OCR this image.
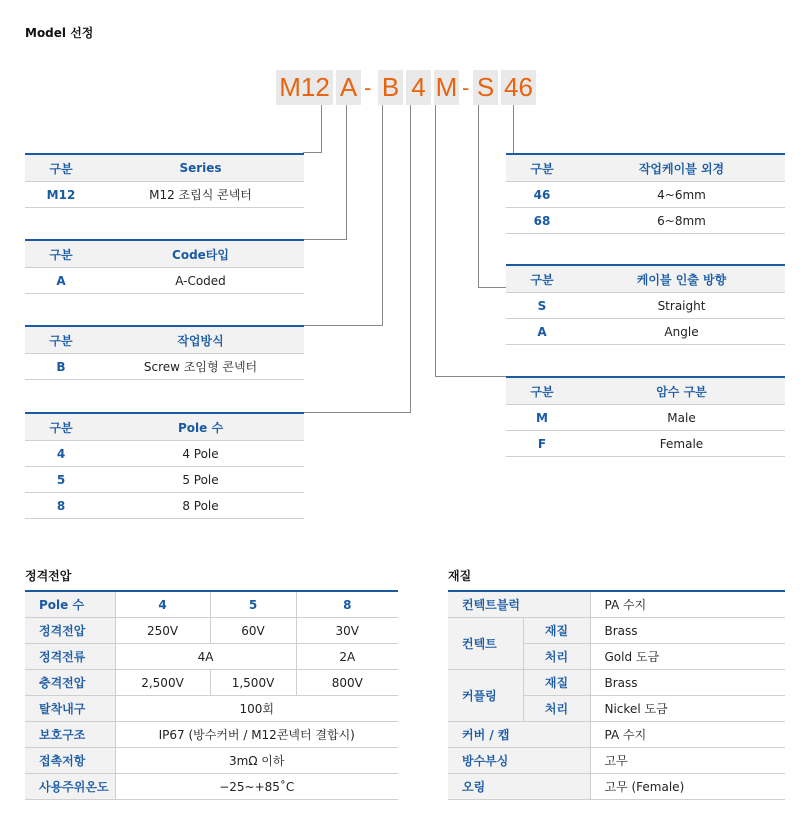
Model 선정
M12 A - B 4 M - S 46
구분	Series
M12	M12 조립식 콘넥터
구분	Code타입
A	A-Coded
구분	작업방식
B	Screw 조임형 콘넥터
구분	Pole 수
4	4 Pole
5	5 Pole
8	8 Pole
구분	작업케이블 외경
46	4~6mm
68	6~8mm
구분	케이블 인출 방향
S	Straight
A	Angle
구분	암수 구분
M	Male
F	Female
정격전압
Pole 수	4	5	8
정격전압	250V	60V	30V
정격전류	4A		2A
충격전압	2,500V	1,500V	800V
탈착내구	100회		
보호구조	IP67 (방수커버 / M12콘넥터 결합시)		
접촉저항	3mΩ 이하		
사용주위온도	−25~+85˚C		
재질
컨텍트블럭		PA 수지
컨텍트	재질	Brass
	처리	Gold 도금
커플링	재질	Brass
	처리	Nickel 도금
커버 / 캡		PA 수지
방수부싱		고무
오링		고무 (Female)
